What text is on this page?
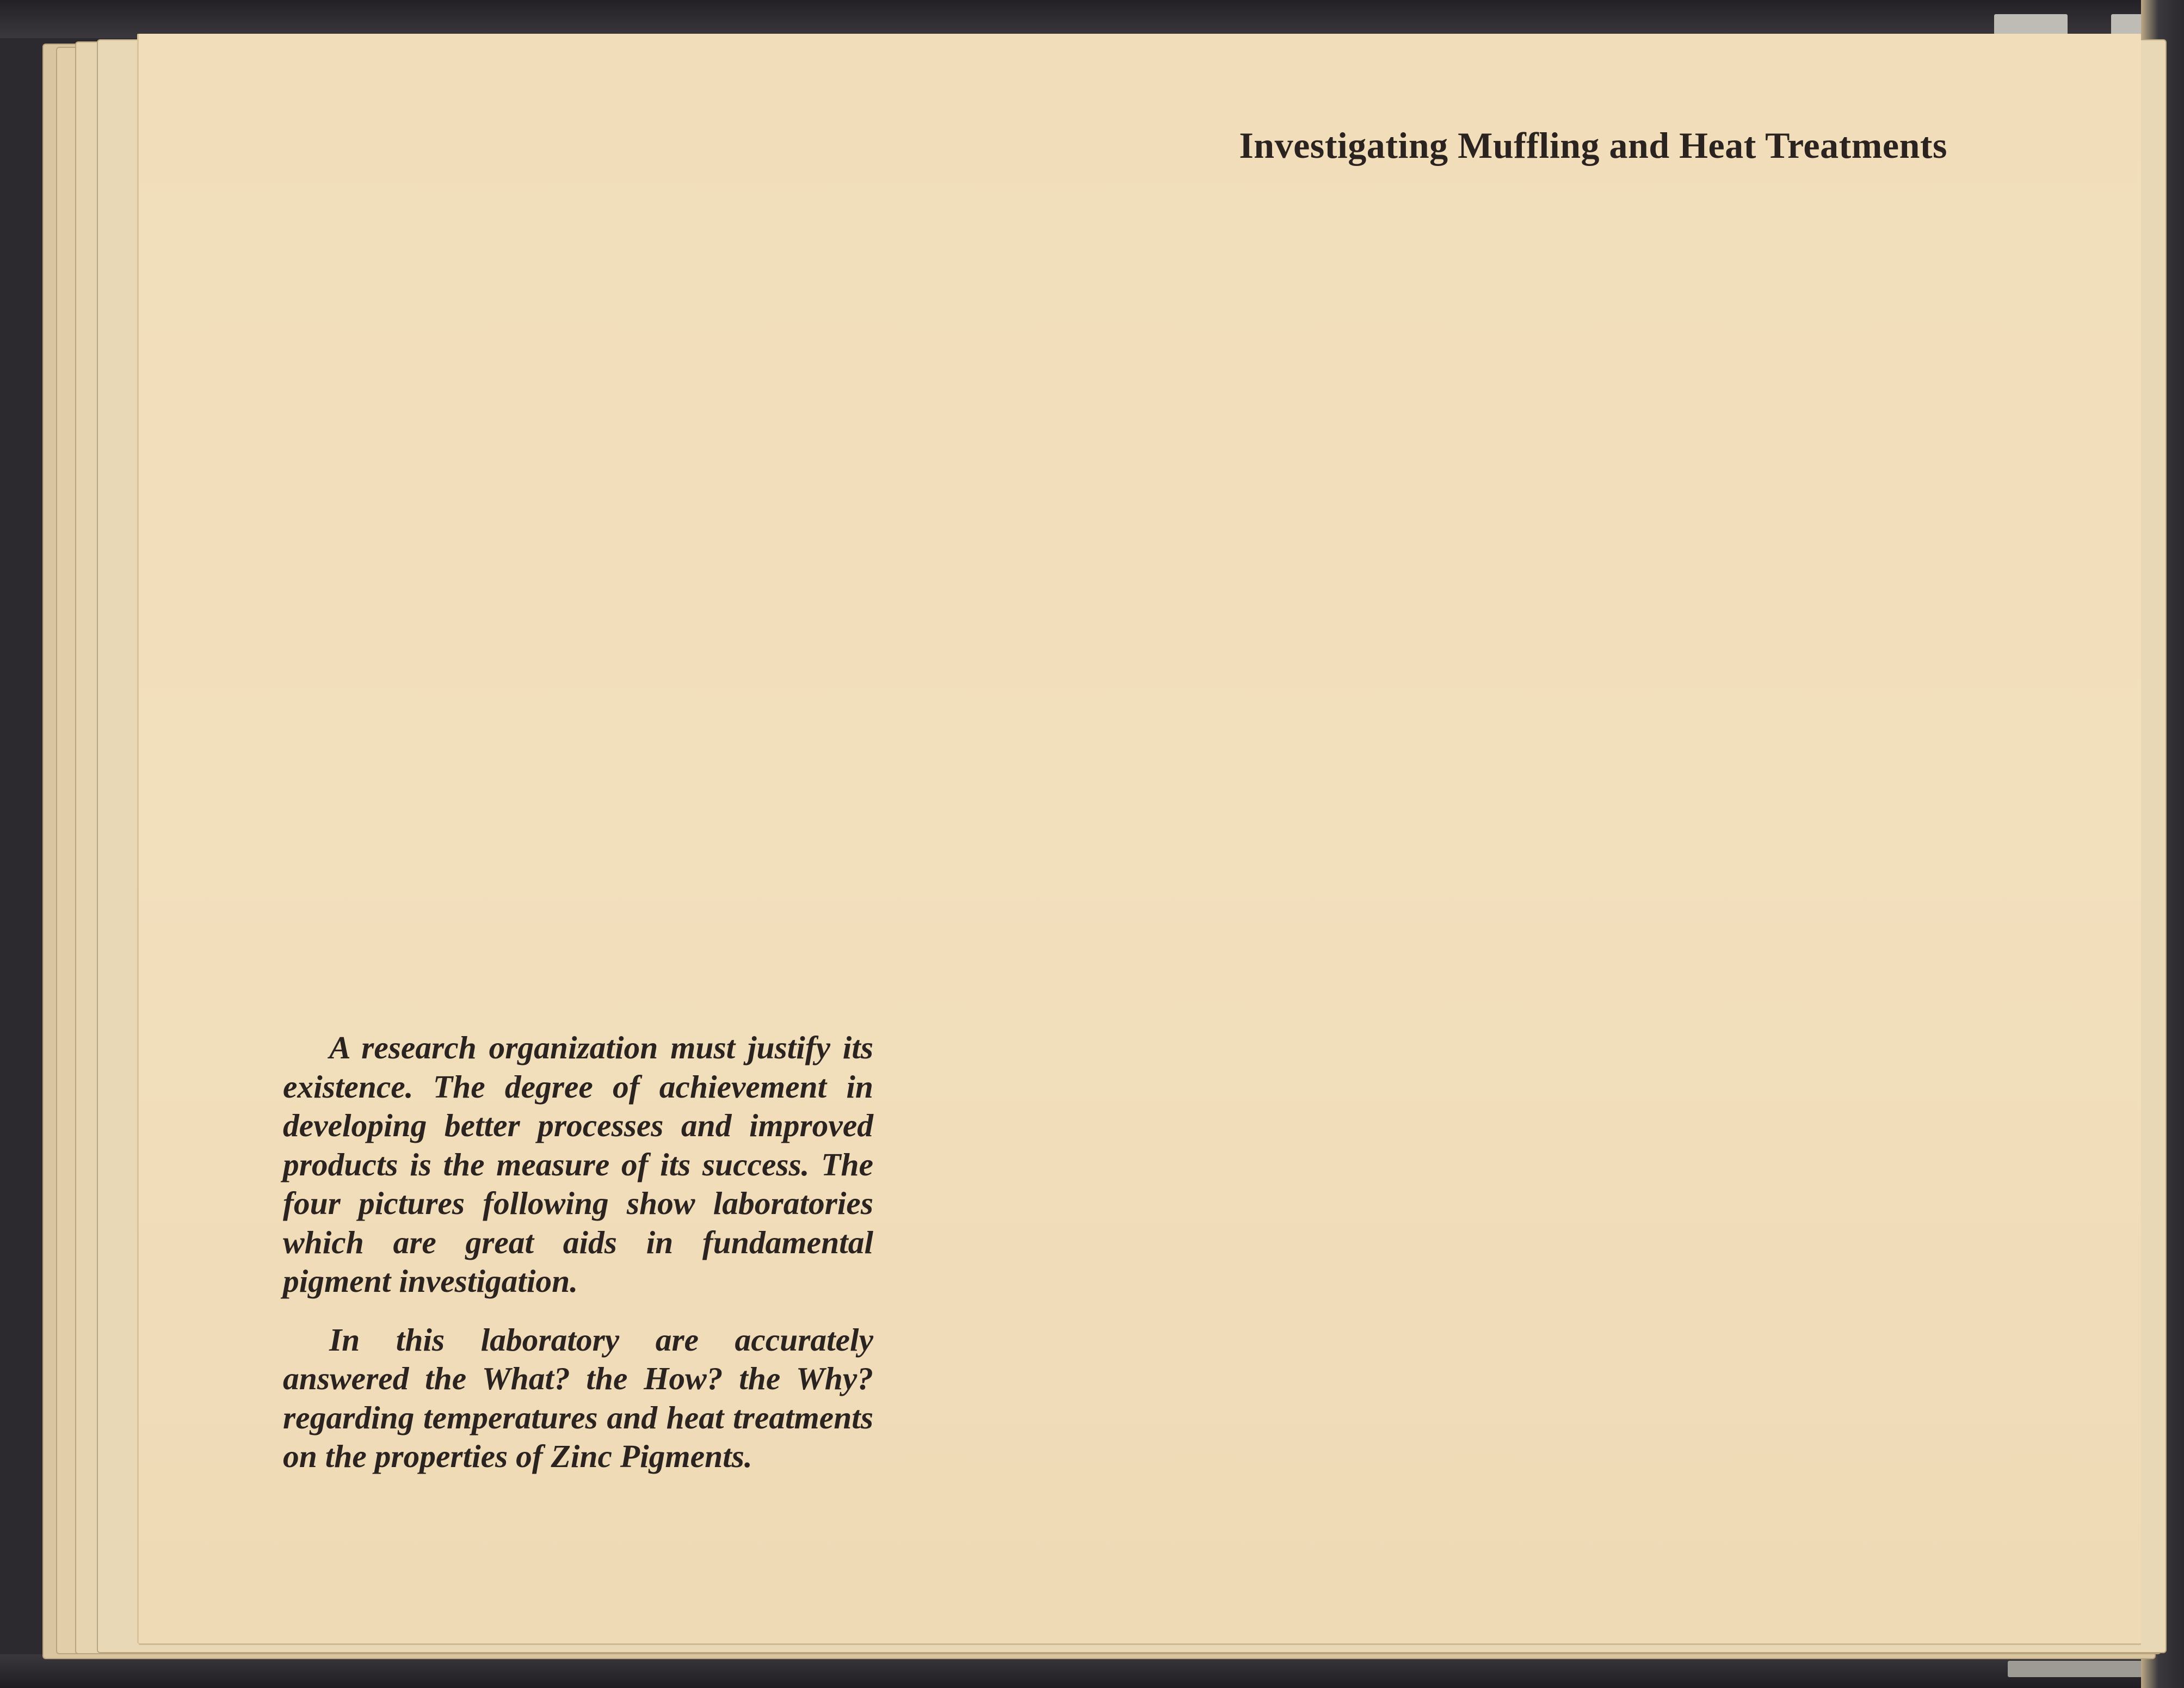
Investigating Muffling and Heat Treatments

A research organization must justify its existence. The degree of achievement in developing better processes and improved products is the measure of its success. The four pictures following show laboratories which are great aids in fundamental pigment investigation.

In this laboratory are accurately answered the What? the How? the Why? regarding temperatures and heat treatments on the properties of Zinc Pigments.
